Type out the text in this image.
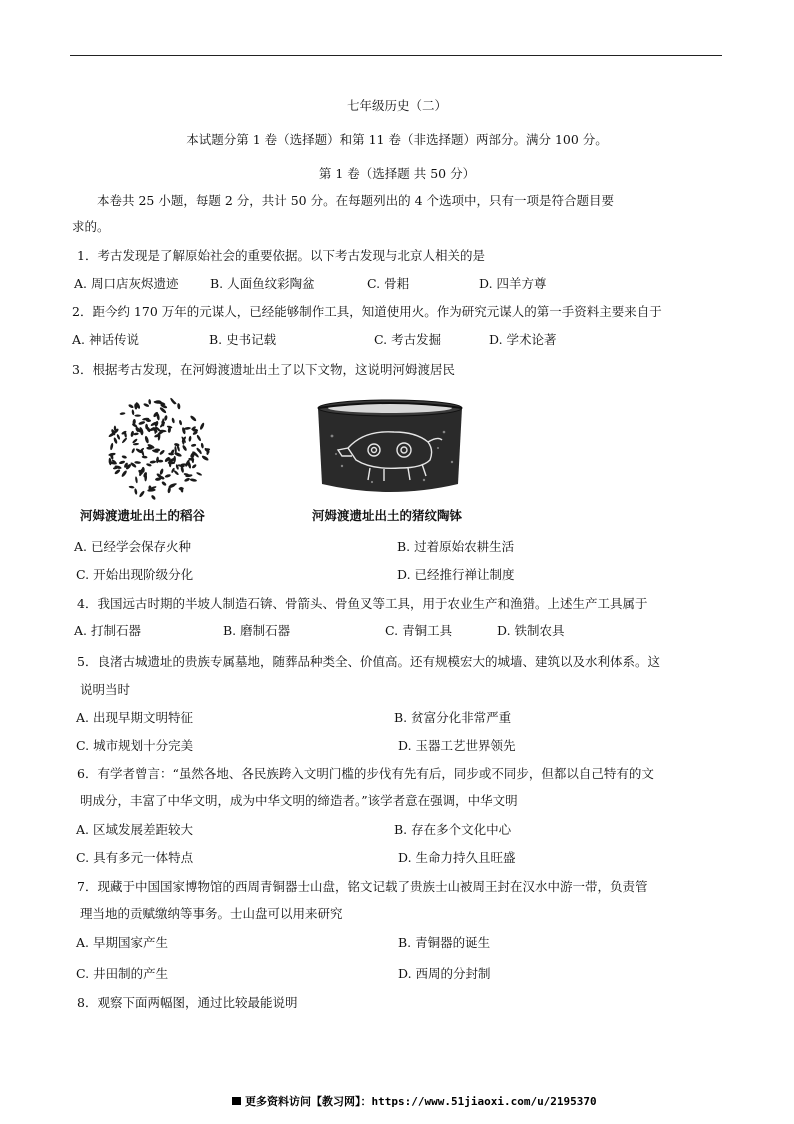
七年级历史（二）
本试题分第 1 卷（选择题）和第 11 卷（非选择题）两部分。满分 100 分。
第 1 卷（选择题 共 50 分）
本卷共 25 小题，每题 2 分，共计 50 分。在每题列出的 4 个选项中，只有一项是符合题目要
求的。
1．考古发现是了解原始社会的重要依据。以下考古发现与北京人相关的是
A. 周口店灰烬遗迹	B. 人面鱼纹彩陶盆	C. 骨耜	D. 四羊方尊
2．距今约 170 万年的元谋人，已经能够制作工具，知道使用火。作为研究元谋人的第一手资料主要来自于
A. 神话传说	B. 史书记载	C. 考古发掘	D. 学术论著
3．根据考古发现，在河姆渡遗址出土了以下文物，这说明河姆渡居民
河姆渡遗址出土的稻谷	河姆渡遗址出土的猪纹陶钵
A. 已经学会保存火种	B. 过着原始农耕生活
C. 开始出现阶级分化	D. 已经推行禅让制度
4．我国远古时期的半坡人制造石锛、骨箭头、骨鱼叉等工具，用于农业生产和渔猎。上述生产工具属于
A. 打制石器	B. 磨制石器	C. 青铜工具	D. 铁制农具
5．良渚古城遗址的贵族专属墓地，随葬品种类全、价值高。还有规模宏大的城墙、建筑以及水利体系。这
说明当时
A. 出现早期文明特征	B. 贫富分化非常严重
C. 城市规划十分完美	D. 玉器工艺世界领先
6．有学者曾言：“虽然各地、各民族跨入文明门槛的步伐有先有后，同步或不同步，但都以自己特有的文
明成分，丰富了中华文明，成为中华文明的缔造者。”该学者意在强调，中华文明
A. 区域发展差距较大	B. 存在多个文化中心
C. 具有多元一体特点	D. 生命力持久且旺盛
7．现藏于中国国家博物馆的西周青铜器士山盘，铭文记载了贵族士山被周王封在汉水中游一带，负责管
理当地的贡赋缴纳等事务。士山盘可以用来研究
A. 早期国家产生	B. 青铜器的诞生
C. 井田制的产生	D. 西周的分封制
8．观察下面两幅图，通过比较最能说明
更多资料访问【教习网】：https://www.51jiaoxi.com/u/2195370
